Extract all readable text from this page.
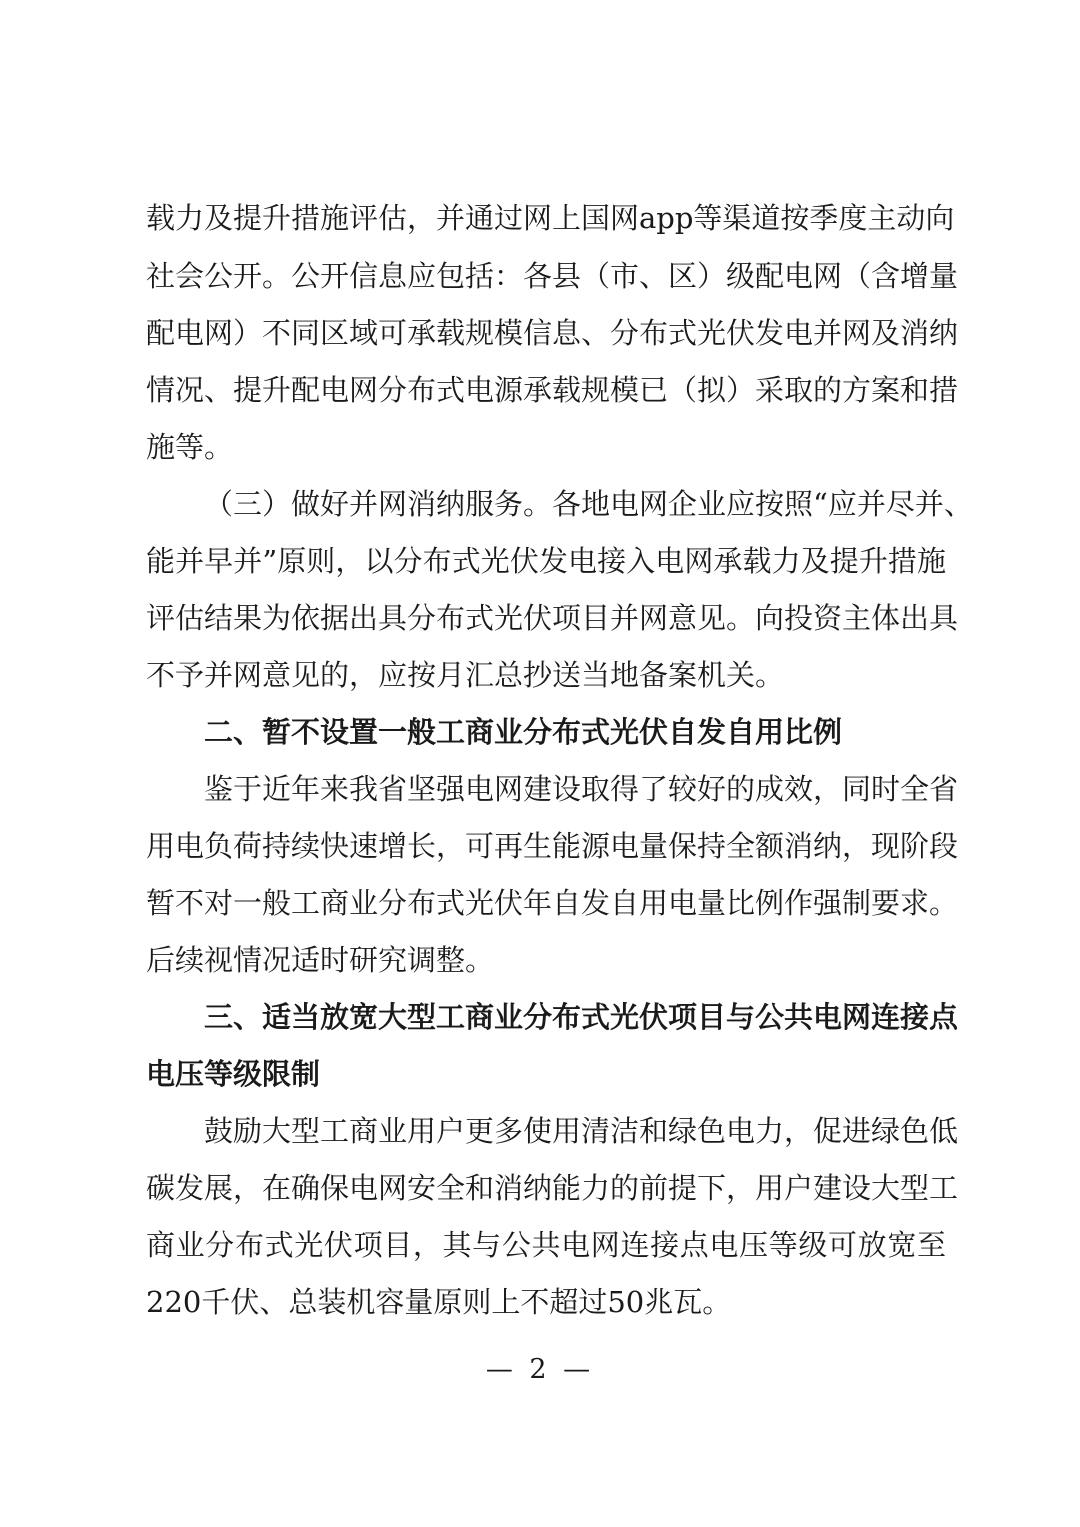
载力及提升措施评估，并通过网上国网app等渠道按季度主动向
社会公开。公开信息应包括：各县（市、区）级配电网（含增量
配电网）不同区域可承载规模信息、分布式光伏发电并网及消纳
情况、提升配电网分布式电源承载规模已（拟）采取的方案和措
施等。
（三）做好并网消纳服务。各地电网企业应按照“应并尽并、
能并早并”原则，以分布式光伏发电接入电网承载力及提升措施
评估结果为依据出具分布式光伏项目并网意见。向投资主体出具
不予并网意见的，应按月汇总抄送当地备案机关。
二、暂不设置一般工商业分布式光伏自发自用比例
鉴于近年来我省坚强电网建设取得了较好的成效，同时全省
用电负荷持续快速增长，可再生能源电量保持全额消纳，现阶段
暂不对一般工商业分布式光伏年自发自用电量比例作强制要求。
后续视情况适时研究调整。
三、适当放宽大型工商业分布式光伏项目与公共电网连接点
电压等级限制
鼓励大型工商业用户更多使用清洁和绿色电力，促进绿色低
碳发展，在确保电网安全和消纳能力的前提下，用户建设大型工
商业分布式光伏项目，其与公共电网连接点电压等级可放宽至
220千伏、总装机容量原则上不超过50兆瓦。
— 2 —
